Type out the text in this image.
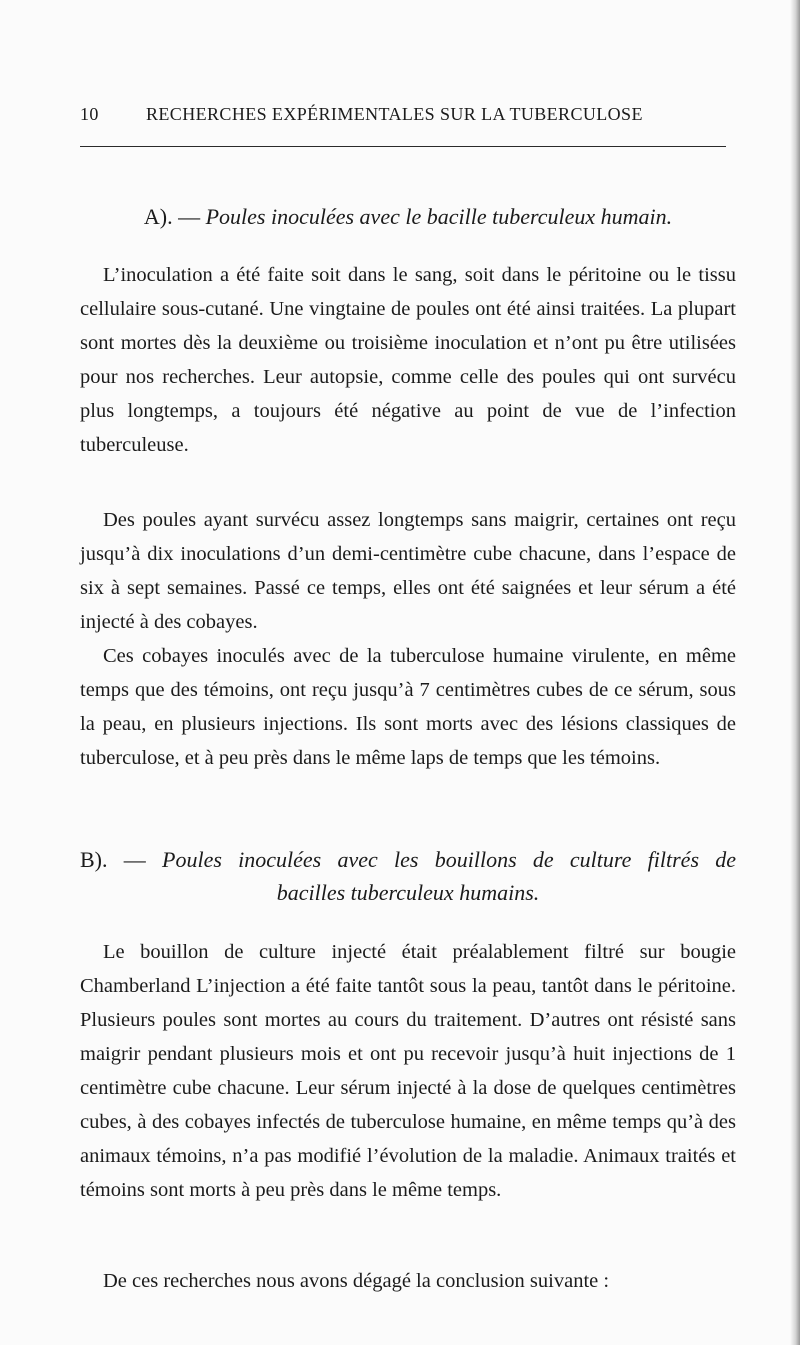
10	RECHERCHES EXPÉRIMENTALES SUR LA TUBERCULOSE
A). — Poules inoculées avec le bacille tuberculeux humain.

L’inoculation a été faite soit dans le sang, soit dans le péritoine ou le tissu cellulaire sous-cutané. Une vingtaine de poules ont été ainsi traitées. La plupart sont mortes dès la deuxième ou troisième inoculation et n’ont pu être utilisées pour nos recherches. Leur autopsie, comme celle des poules qui ont survécu plus longtemps, a toujours été négative au point de vue de l’infection tuberculeuse.

Des poules ayant survécu assez longtemps sans maigrir, certaines ont reçu jusqu’à dix inoculations d’un demi-centimètre cube chacune, dans l’espace de six à sept semaines. Passé ce temps, elles ont été saignées et leur sérum a été injecté à des cobayes.

Ces cobayes inoculés avec de la tuberculose humaine virulente, en même temps que des témoins, ont reçu jusqu’à 7 centimètres cubes de ce sérum, sous la peau, en plusieurs injections. Ils sont morts avec des lésions classiques de tuberculose, et à peu près dans le même laps de temps que les témoins.

B). — Poules inoculées avec les bouillons de culture filtrés de
bacilles tuberculeux humains.

Le bouillon de culture injecté était préalablement filtré sur bougie Chamberland L’injection a été faite tantôt sous la peau, tantôt dans le péritoine. Plusieurs poules sont mortes au cours du traitement. D’autres ont résisté sans maigrir pendant plusieurs mois et ont pu recevoir jusqu’à huit injections de 1 centimètre cube chacune. Leur sérum injecté à la dose de quelques centimètres cubes, à des cobayes infectés de tuberculose humaine, en même temps qu’à des animaux témoins, n’a pas modifié l’évolution de la maladie. Animaux traités et témoins sont morts à peu près dans le même temps.

De ces recherches nous avons dégagé la conclusion suivante :
